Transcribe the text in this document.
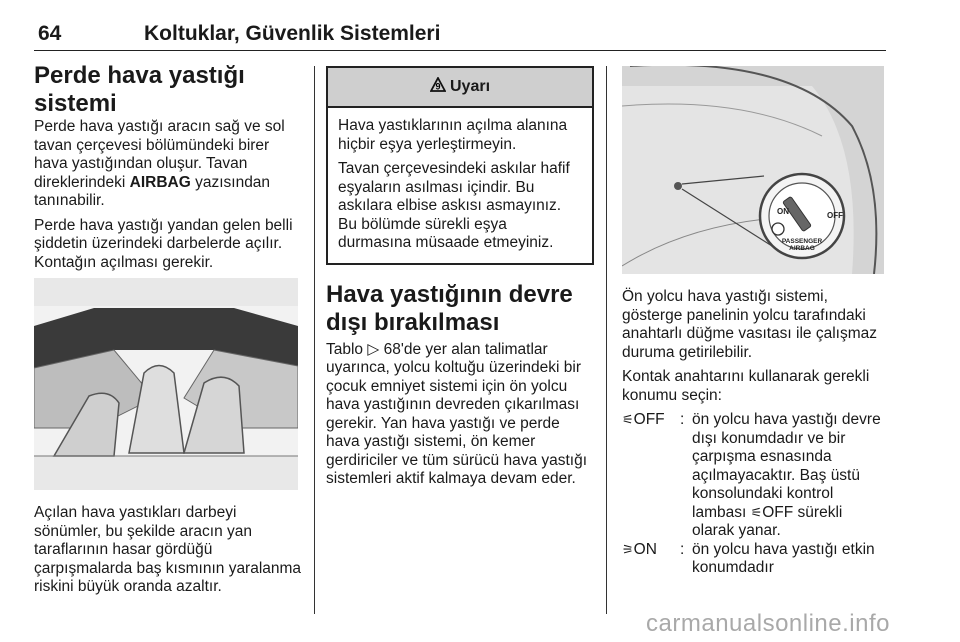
64	Koltuklar, Güvenlik Sistemleri
Perde hava yastığı sistemi

Perde hava yastığı aracın sağ ve sol tavan çerçevesi bölümündeki birer hava yastığından oluşur. Tavan direklerindeki AIRBAG yazısından tanınabilir.

Perde hava yastığı yandan gelen belli şiddetin üzerindeki darbelerde açılır. Kontağın açılması gerekir.

Açılan hava yastıkları darbeyi sönümler, bu şekilde aracın yan taraflarının hasar gördüğü çarpışmalarda baş kısmının yaralanma riskini büyük oranda azaltır.

9 Uyarı

Hava yastıklarının açılma alanına hiçbir eşya yerleştirmeyin.

Tavan çerçevesindeki askılar hafif eşyaların asılması içindir. Bu askılara elbise askısı asmayınız. Bu bölümde sürekli eşya durmasına müsaade etmeyiniz.

Hava yastığının devre dışı bırakılması

Tablo ▷ 68'de yer alan talimatlar uyarınca, yolcu koltuğu üzerindeki bir çocuk emniyet sistemi için ön yolcu hava yastığının devreden çıkarılması gerekir. Yan hava yastığı ve perde hava yastığı sistemi, ön kemer gerdiriciler ve tüm sürücü hava yastığı sistemleri aktif kalmaya devam eder.

ON	OFF
PASSENGER
AIRBAG

Ön yolcu hava yastığı sistemi, gösterge panelinin yolcu tarafındaki anahtarlı düğme vasıtası ile çalışmaz duruma getirilebilir.

Kontak anahtarını kullanarak gerekli konumu seçin:

⚟OFF : ön yolcu hava yastığı devre dışı konumdadır ve bir çarpışma esnasında açılmayacaktır. Baş üstü konsolundaki kontrol lambası ⚟OFF sürekli olarak yanar.
⚞ON	: ön yolcu hava yastığı etkin konumdadır
carmanualsonline.info
